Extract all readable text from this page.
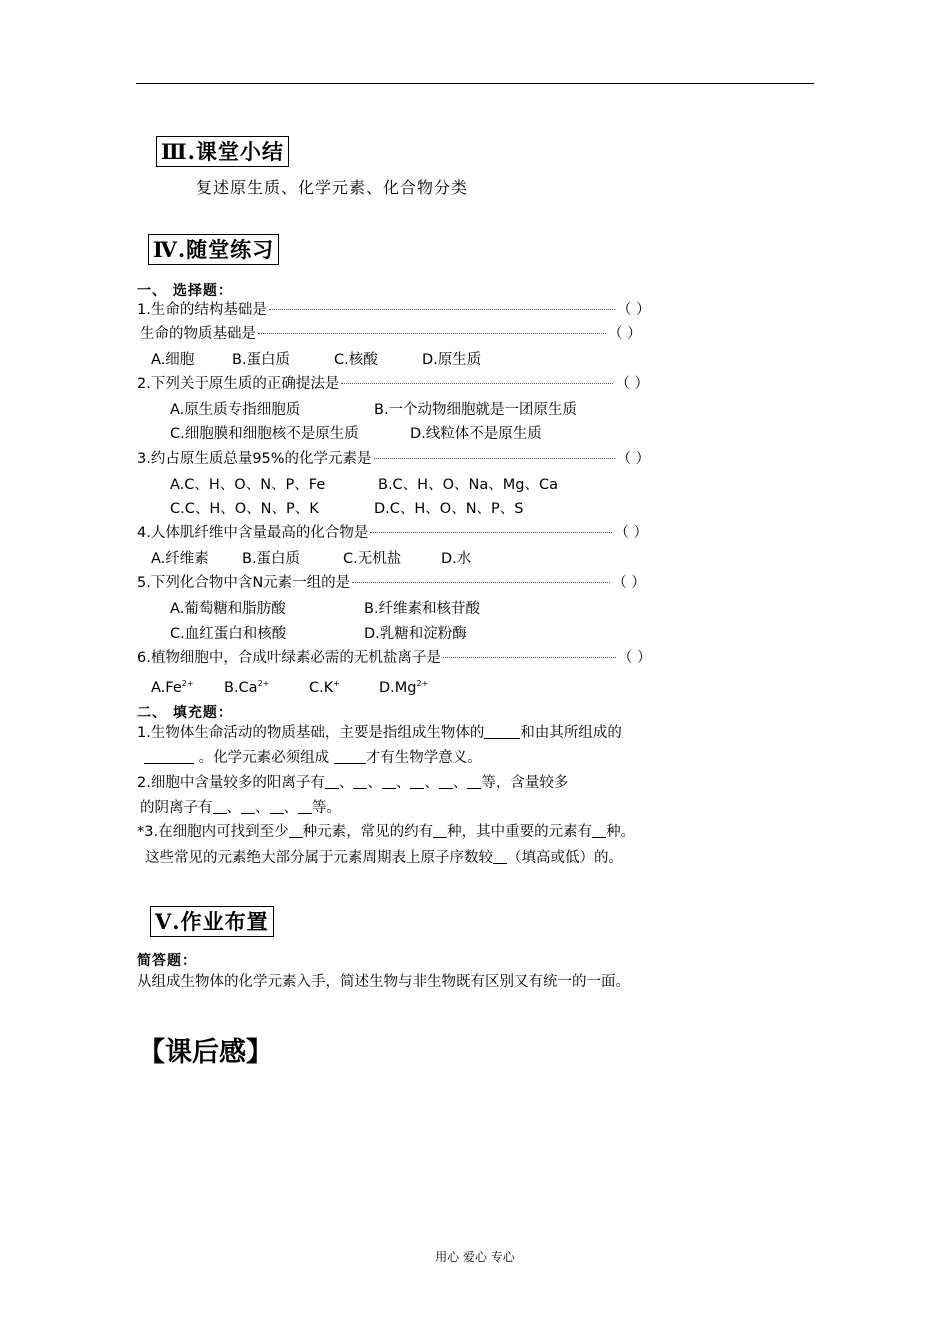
Ⅲ.课堂小结
复述原生质、化学元素、化合物分类
Ⅳ.随堂练习
一、 选择题：
1.生命的结构基础是	（ ）
生命的物质基础是	（ ）
A.细胞	B.蛋白质	C.核酸	D.原生质
2.下列关于原生质的正确提法是	（ ）
A.原生质专指细胞质	B.一个动物细胞就是一团原生质
C.细胞膜和细胞核不是原生质	D.线粒体不是原生质
3.约占原生质总量95%的化学元素是	（ ）
A.C、H、O、N、P、Fe	B.C、H、O、Na、Mg、Ca
C.C、H、O、N、P、K	D.C、H、O、N、P、S
4.人体肌纤维中含量最高的化合物是	（ ）
A.纤维素 B.蛋白质	C.无机盐	D.水
5.下列化合物中含N元素一组的是	（ ）
A.葡萄糖和脂肪酸	B.纤维素和核苷酸
C.血红蛋白和核酸	D.乳糖和淀粉酶
6.植物细胞中，合成叶绿素必需的无机盐离子是	（ ）
$A.Fe^{2+}$ $B.Ca^{2+}$	C.K+	$D.Mg^{2+}$
二、 填充题：
1.生物体生命活动的物质基础，主要是指组成生物体的 和由其所组成的
。化学元素必须组成	才有生物学意义。
2.细胞中含量较多的阳离子有 、 、 、 、 、 等，含量较多
的阴离子有 、 、 、 等。
*3.在细胞内可找到至少 种元素，常见的约有 种，其中重要的元素有 种。
这些常见的元素绝大部分属于元素周期表上原子序数较 （填高或低）的。
Ⅴ.作业布置
简答题：
从组成生物体的化学元素入手，简述生物与非生物既有区别又有统一的一面。
【课后感】
用心 爱心 专心
